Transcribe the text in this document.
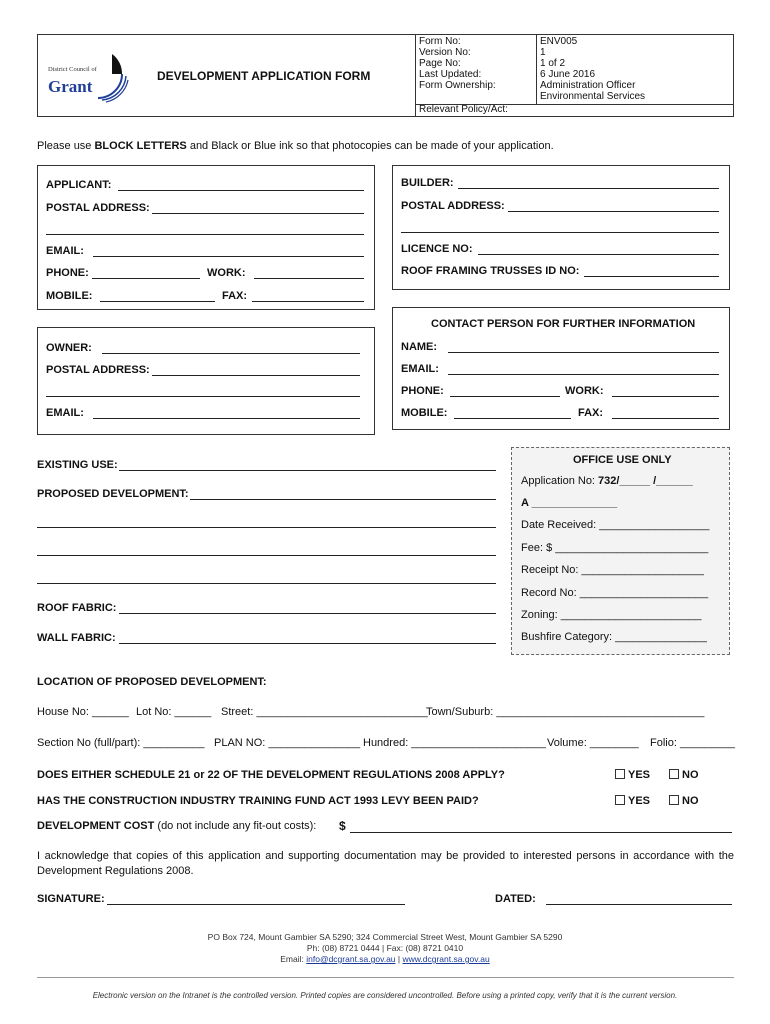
District Council of
Grant
DEVELOPMENT APPLICATION FORM
Form No:	ENV005
Version No:	1
Page No:	1 of 2
Last Updated:	6 June 2016
Form Ownership:	Administration Officer
Environmental Services
Relevant Policy/Act:
Please use BLOCK LETTERS and Black or Blue ink so that photocopies can be made of your application.
APPLICANT:
POSTAL ADDRESS:
EMAIL:
PHONE:	WORK:
MOBILE:	FAX:
BUILDER:
POSTAL ADDRESS:
LICENCE NO:
ROOF FRAMING TRUSSES ID NO:
OWNER:
POSTAL ADDRESS:
EMAIL:
CONTACT PERSON FOR FURTHER INFORMATION
NAME:
EMAIL:
PHONE:	WORK:
MOBILE:	FAX:
EXISTING USE:
PROPOSED DEVELOPMENT:
ROOF FABRIC:
WALL FABRIC:
OFFICE USE ONLY
Application No: 732/_____ /______
A ______________
Date Received: __________________
Fee: $ _________________________
Receipt No: ____________________
Record No: _____________________
Zoning: _______________________
Bushfire Category: _______________
LOCATION OF PROPOSED DEVELOPMENT:
House No: ______ Lot No: ______ Street: ____________________________
Town/Suburb: __________________________________
Section No (full/part): __________ PLAN NO: _______________ Hundred: ______________________ Volume: ________ Folio: _________
DOES EITHER SCHEDULE 21 or 22 OF THE DEVELOPMENT REGULATIONS 2008 APPLY?	YES	NO
HAS THE CONSTRUCTION INDUSTRY TRAINING FUND ACT 1993 LEVY BEEN PAID?	YES	NO
DEVELOPMENT COST (do not include any fit-out costs): $
I acknowledge that copies of this application and supporting documentation may be provided to interested persons in accordance with the Development Regulations 2008.
SIGNATURE:	DATED:
PO Box 724, Mount Gambier SA 5290; 324 Commercial Street West, Mount Gambier SA 5290
Ph: (08) 8721 0444 | Fax: (08) 8721 0410
Email: info@dcgrant.sa.gov.au | www.dcgrant.sa.gov.au
Electronic version on the Intranet is the controlled version. Printed copies are considered uncontrolled. Before using a printed copy, verify that it is the current version.
